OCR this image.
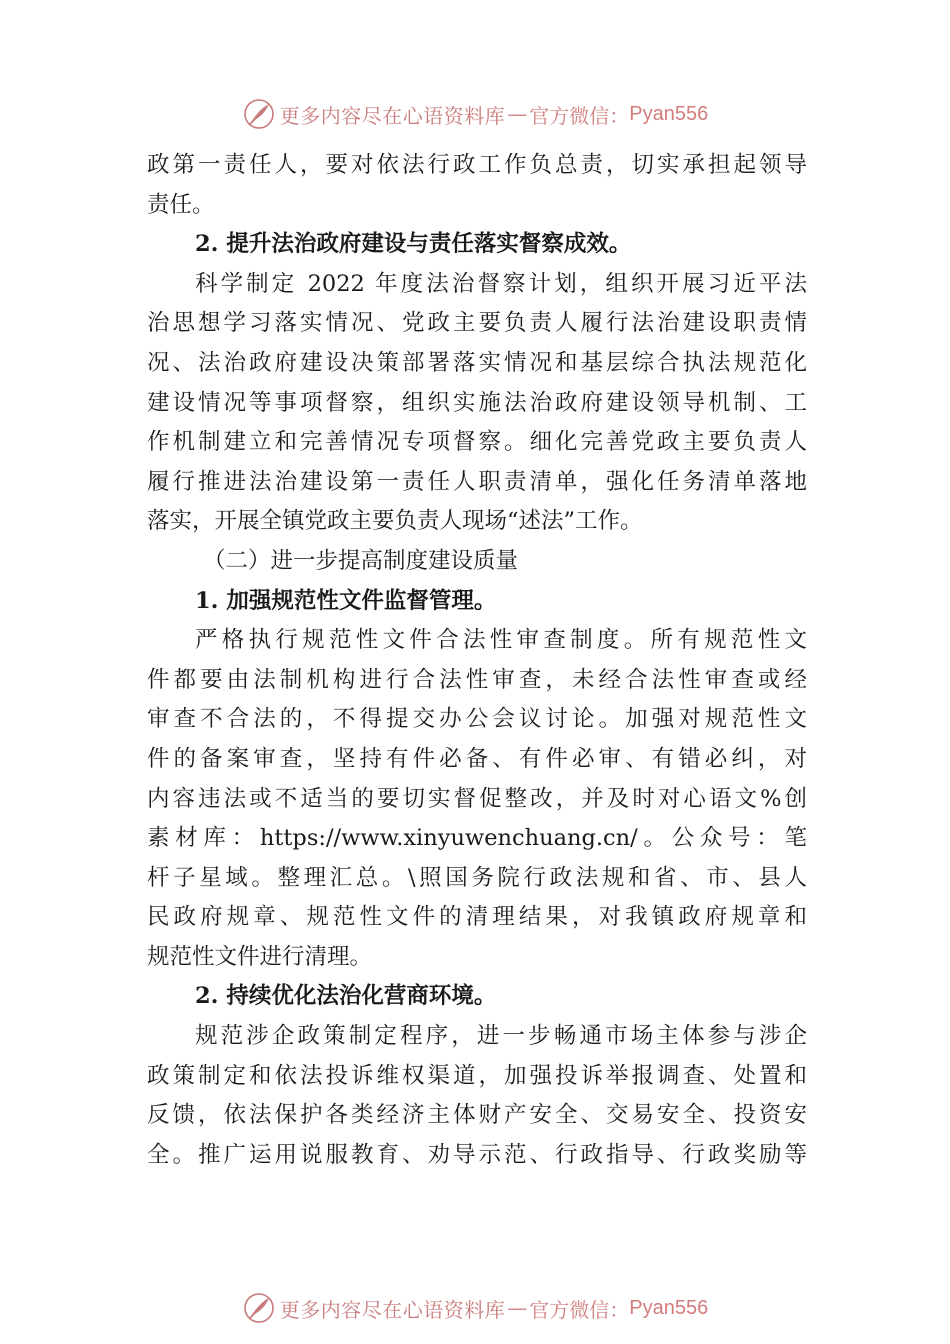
更多内容尽在心语资料库 — 官方微信： Pyan556
政第一责任人，要对依法行政工作负总责，切实承担起领导
责任。
2. 提升法治政府建设与责任落实督察成效。
科学制定 2022 年度法治督察计划，组织开展习近平法
治思想学习落实情况、党政主要负责人履行法治建设职责情
况、法治政府建设决策部署落实情况和基层综合执法规范化
建设情况等事项督察，组织实施法治政府建设领导机制、工
作机制建立和完善情况专项督察。细化完善党政主要负责人
履行推进法治建设第一责任人职责清单，强化任务清单落地
落实，开展全镇党政主要负责人现场“述法”工作。
（二）进一步提高制度建设质量
1. 加强规范性文件监督管理。
严格执行规范性文件合法性审查制度。所有规范性文
件都要由法制机构进行合法性审查，未经合法性审查或经
审查不合法的，不得提交办公会议讨论。加强对规范性文
件的备案审查，坚持有件必备、有件必审、有错必纠，对
内容违法或不适当的要切实督促整改，并及时对心语文%创
素材库：https://www.xinyuwenchuang.cn/。公众号：笔
杆子星域。整理汇总。\照国务院行政法规和省、市、县人
民政府规章、规范性文件的清理结果，对我镇政府规章和
规范性文件进行清理。
2. 持续优化法治化营商环境。
规范涉企政策制定程序，进一步畅通市场主体参与涉企
政策制定和依法投诉维权渠道，加强投诉举报调查、处置和
反馈，依法保护各类经济主体财产安全、交易安全、投资安
全。推广运用说服教育、劝导示范、行政指导、行政奖励等
更多内容尽在心语资料库 — 官方微信： Pyan556
